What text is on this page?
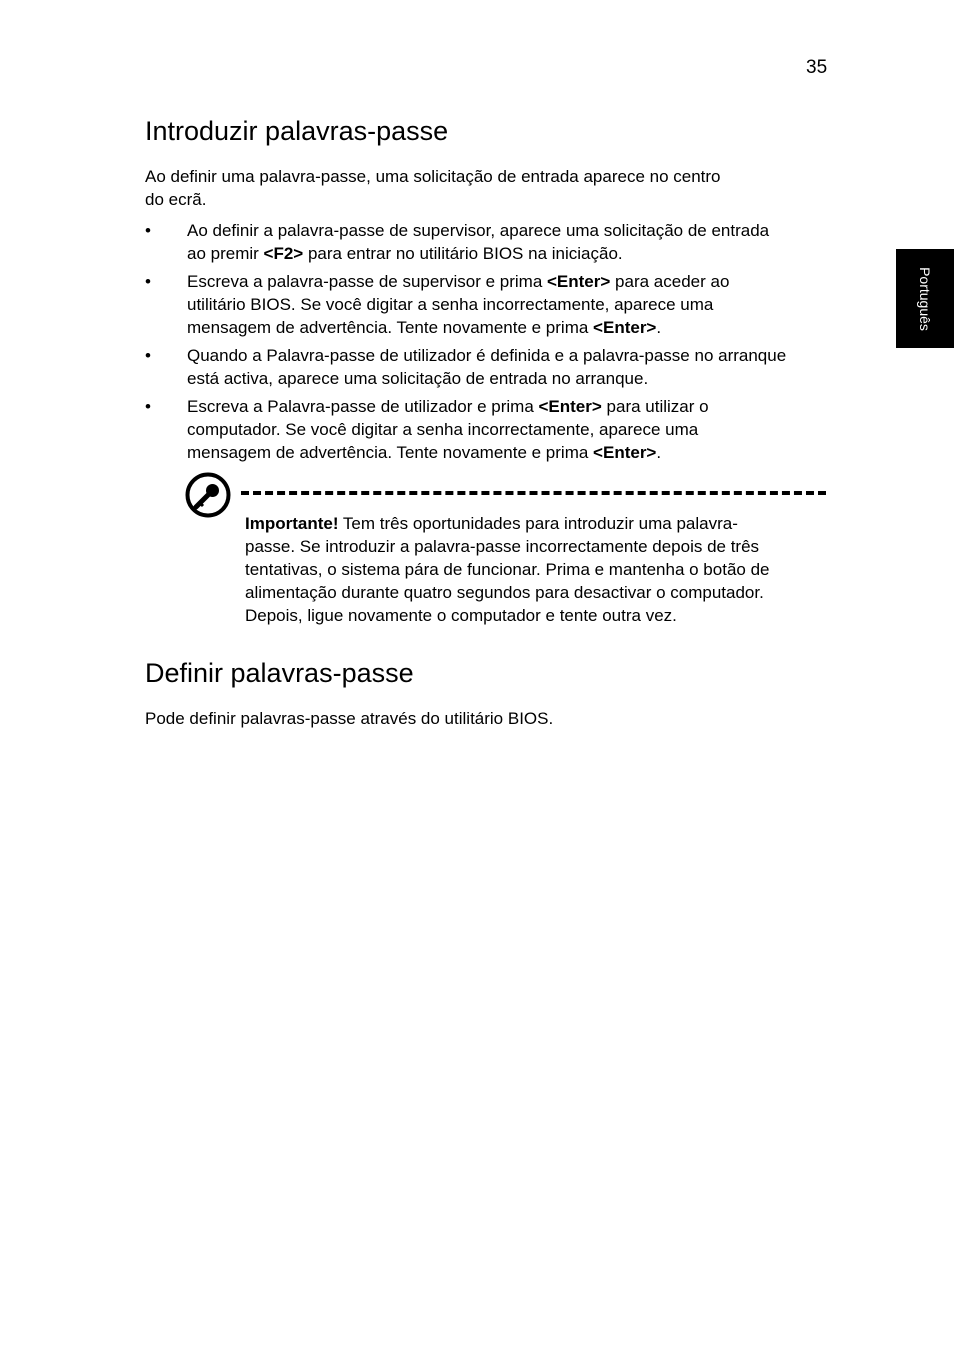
35
Português
Introduzir palavras-passe
Ao definir uma palavra-passe, uma solicitação de entrada aparece no centro
do ecrã.
• Ao definir a palavra-passe de supervisor, aparece uma solicitação de entrada
ao premir <F2> para entrar no utilitário BIOS na iniciação.
• Escreva a palavra-passe de supervisor e prima <Enter> para aceder ao
utilitário BIOS. Se você digitar a senha incorrectamente, aparece uma
mensagem de advertência. Tente novamente e prima <Enter>.
• Quando a Palavra-passe de utilizador é definida e a palavra-passe no arranque
está activa, aparece uma solicitação de entrada no arranque.
• Escreva a Palavra-passe de utilizador e prima <Enter> para utilizar o
computador. Se você digitar a senha incorrectamente, aparece uma
mensagem de advertência. Tente novamente e prima <Enter>.
Importante! Tem três oportunidades para introduzir uma palavra-
passe. Se introduzir a palavra-passe incorrectamente depois de três
tentativas, o sistema pára de funcionar. Prima e mantenha o botão de
alimentação durante quatro segundos para desactivar o computador.
Depois, ligue novamente o computador e tente outra vez.
Definir palavras-passe
Pode definir palavras-passe através do utilitário BIOS.
